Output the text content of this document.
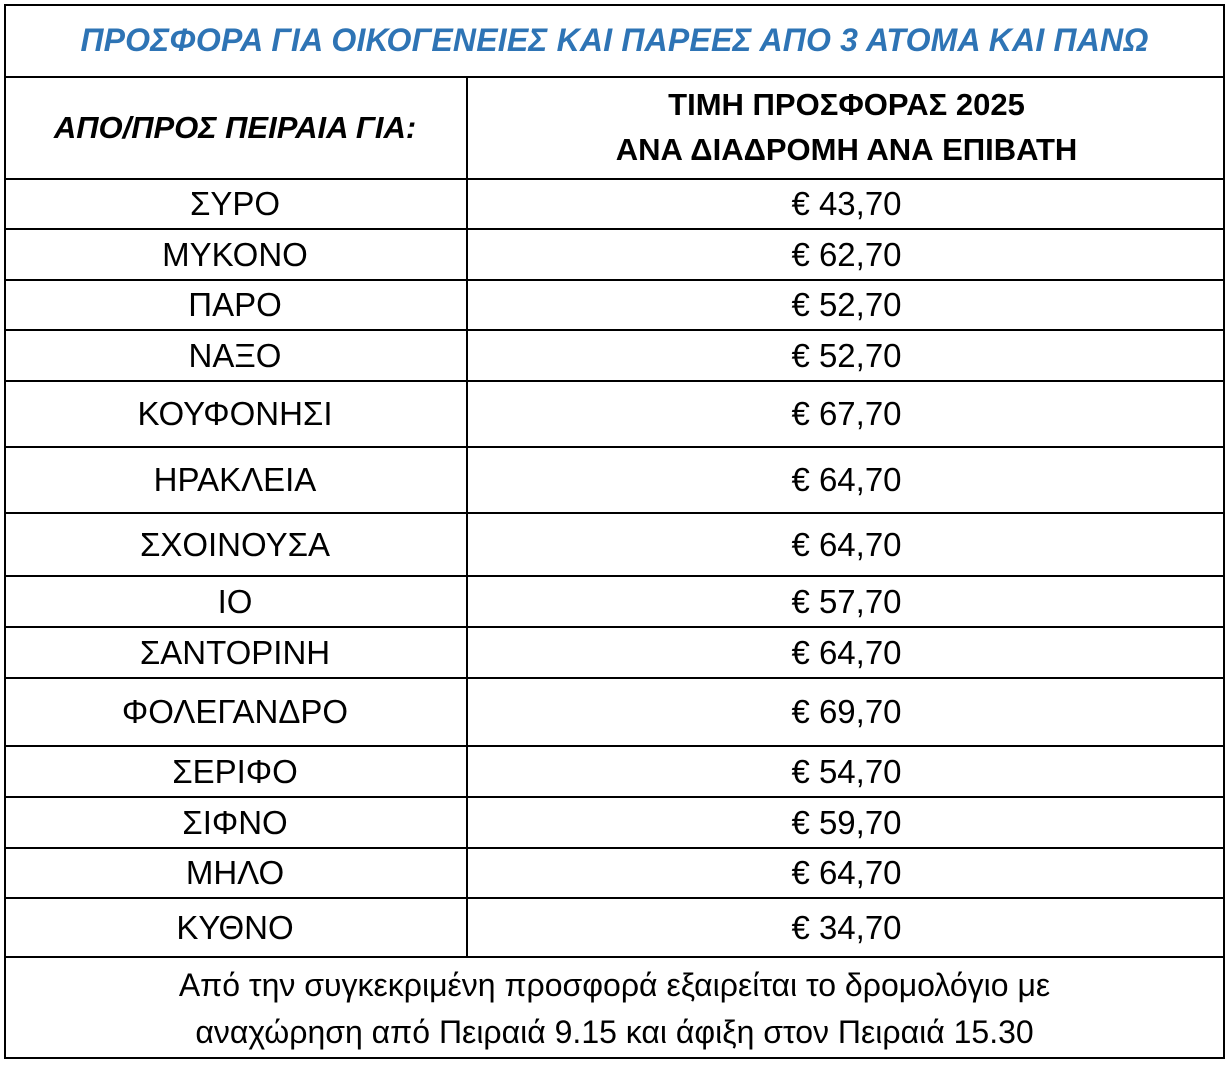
ΠΡΟΣΦΟΡΑ ΓΙΑ ΟΙΚΟΓΕΝΕΙΕΣ ΚΑΙ ΠΑΡΕΕΣ ΑΠΟ 3 ΑΤΟΜΑ ΚΑΙ ΠΑΝΩ
ΑΠΟ/ΠΡΟΣ ΠΕΙΡΑΙΑ ΓΙΑ:
ΤΙΜΗ ΠΡΟΣΦΟΡΑΣ 2025
ΑΝΑ ΔΙΑΔΡΟΜΗ ΑΝΑ ΕΠΙΒΑΤΗ
ΣΥΡΟ	€ 43,70
ΜΥΚΟΝΟ	€ 62,70
ΠΑΡΟ	€ 52,70
ΝΑΞΟ	€ 52,70
ΚΟΥΦΟΝΗΣΙ	€ 67,70
ΗΡΑΚΛΕΙΑ	€ 64,70
ΣΧΟΙΝΟΥΣΑ	€ 64,70
ΙΟ	€ 57,70
ΣΑΝΤΟΡΙΝΗ	€ 64,70
ΦΟΛΕΓΑΝΔΡΟ	€ 69,70
ΣΕΡΙΦΟ	€ 54,70
ΣΙΦΝΟ	€ 59,70
ΜΗΛΟ	€ 64,70
ΚΥΘΝΟ	€ 34,70
Από την συγκεκριμένη προσφορά εξαιρείται το δρομολόγιο με
αναχώρηση από Πειραιά 9.15 και άφιξη στον Πειραιά 15.30
